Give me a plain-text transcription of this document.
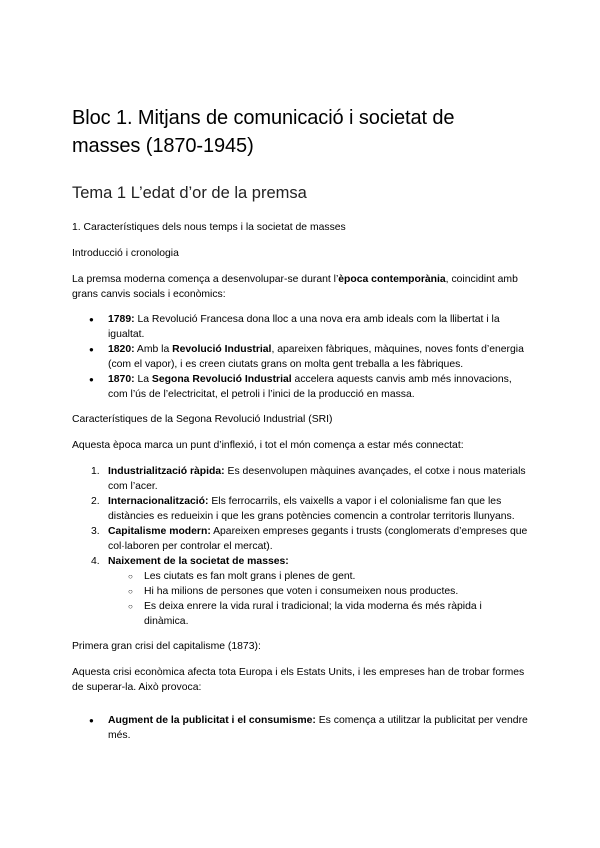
Bloc 1. Mitjans de comunicació i societat de masses (1870-1945)
Tema 1 L’edat d’or de la premsa

1. Característiques dels nous temps i la societat de masses

Introducció i cronologia

La premsa moderna comença a desenvolupar-se durant l’època contemporània, coincidint amb grans canvis socials i econòmics:

● 1789: La Revolució Francesa dona lloc a una nova era amb ideals com la llibertat i la igualtat.
● 1820: Amb la Revolució Industrial, apareixen fàbriques, màquines, noves fonts d’energia (com el vapor), i es creen ciutats grans on molta gent treballa a les fàbriques.
● 1870: La Segona Revolució Industrial accelera aquests canvis amb més innovacions, com l’ús de l’electricitat, el petroli i l’inici de la producció en massa.

Característiques de la Segona Revolució Industrial (SRI)

Aquesta època marca un punt d’inflexió, i tot el món comença a estar més connectat:

1. Industrialització ràpida: Es desenvolupen màquines avançades, el cotxe i nous materials com l’acer.
2. Internacionalització: Els ferrocarrils, els vaixells a vapor i el colonialisme fan que les distàncies es redueixin i que les grans potències comencin a controlar territoris llunyans.
3. Capitalisme modern: Apareixen empreses gegants i trusts (conglomerats d’empreses que col·laboren per controlar el mercat).
4. Naixement de la societat de masses:
○ Les ciutats es fan molt grans i plenes de gent.
○ Hi ha milions de persones que voten i consumeixen nous productes.
○ Es deixa enrere la vida rural i tradicional; la vida moderna és més ràpida i dinàmica.

Primera gran crisi del capitalisme (1873):

Aquesta crisi econòmica afecta tota Europa i els Estats Units, i les empreses han de trobar formes de superar-la. Això provoca:

● Augment de la publicitat i el consumisme: Es comença a utilitzar la publicitat per vendre més.
